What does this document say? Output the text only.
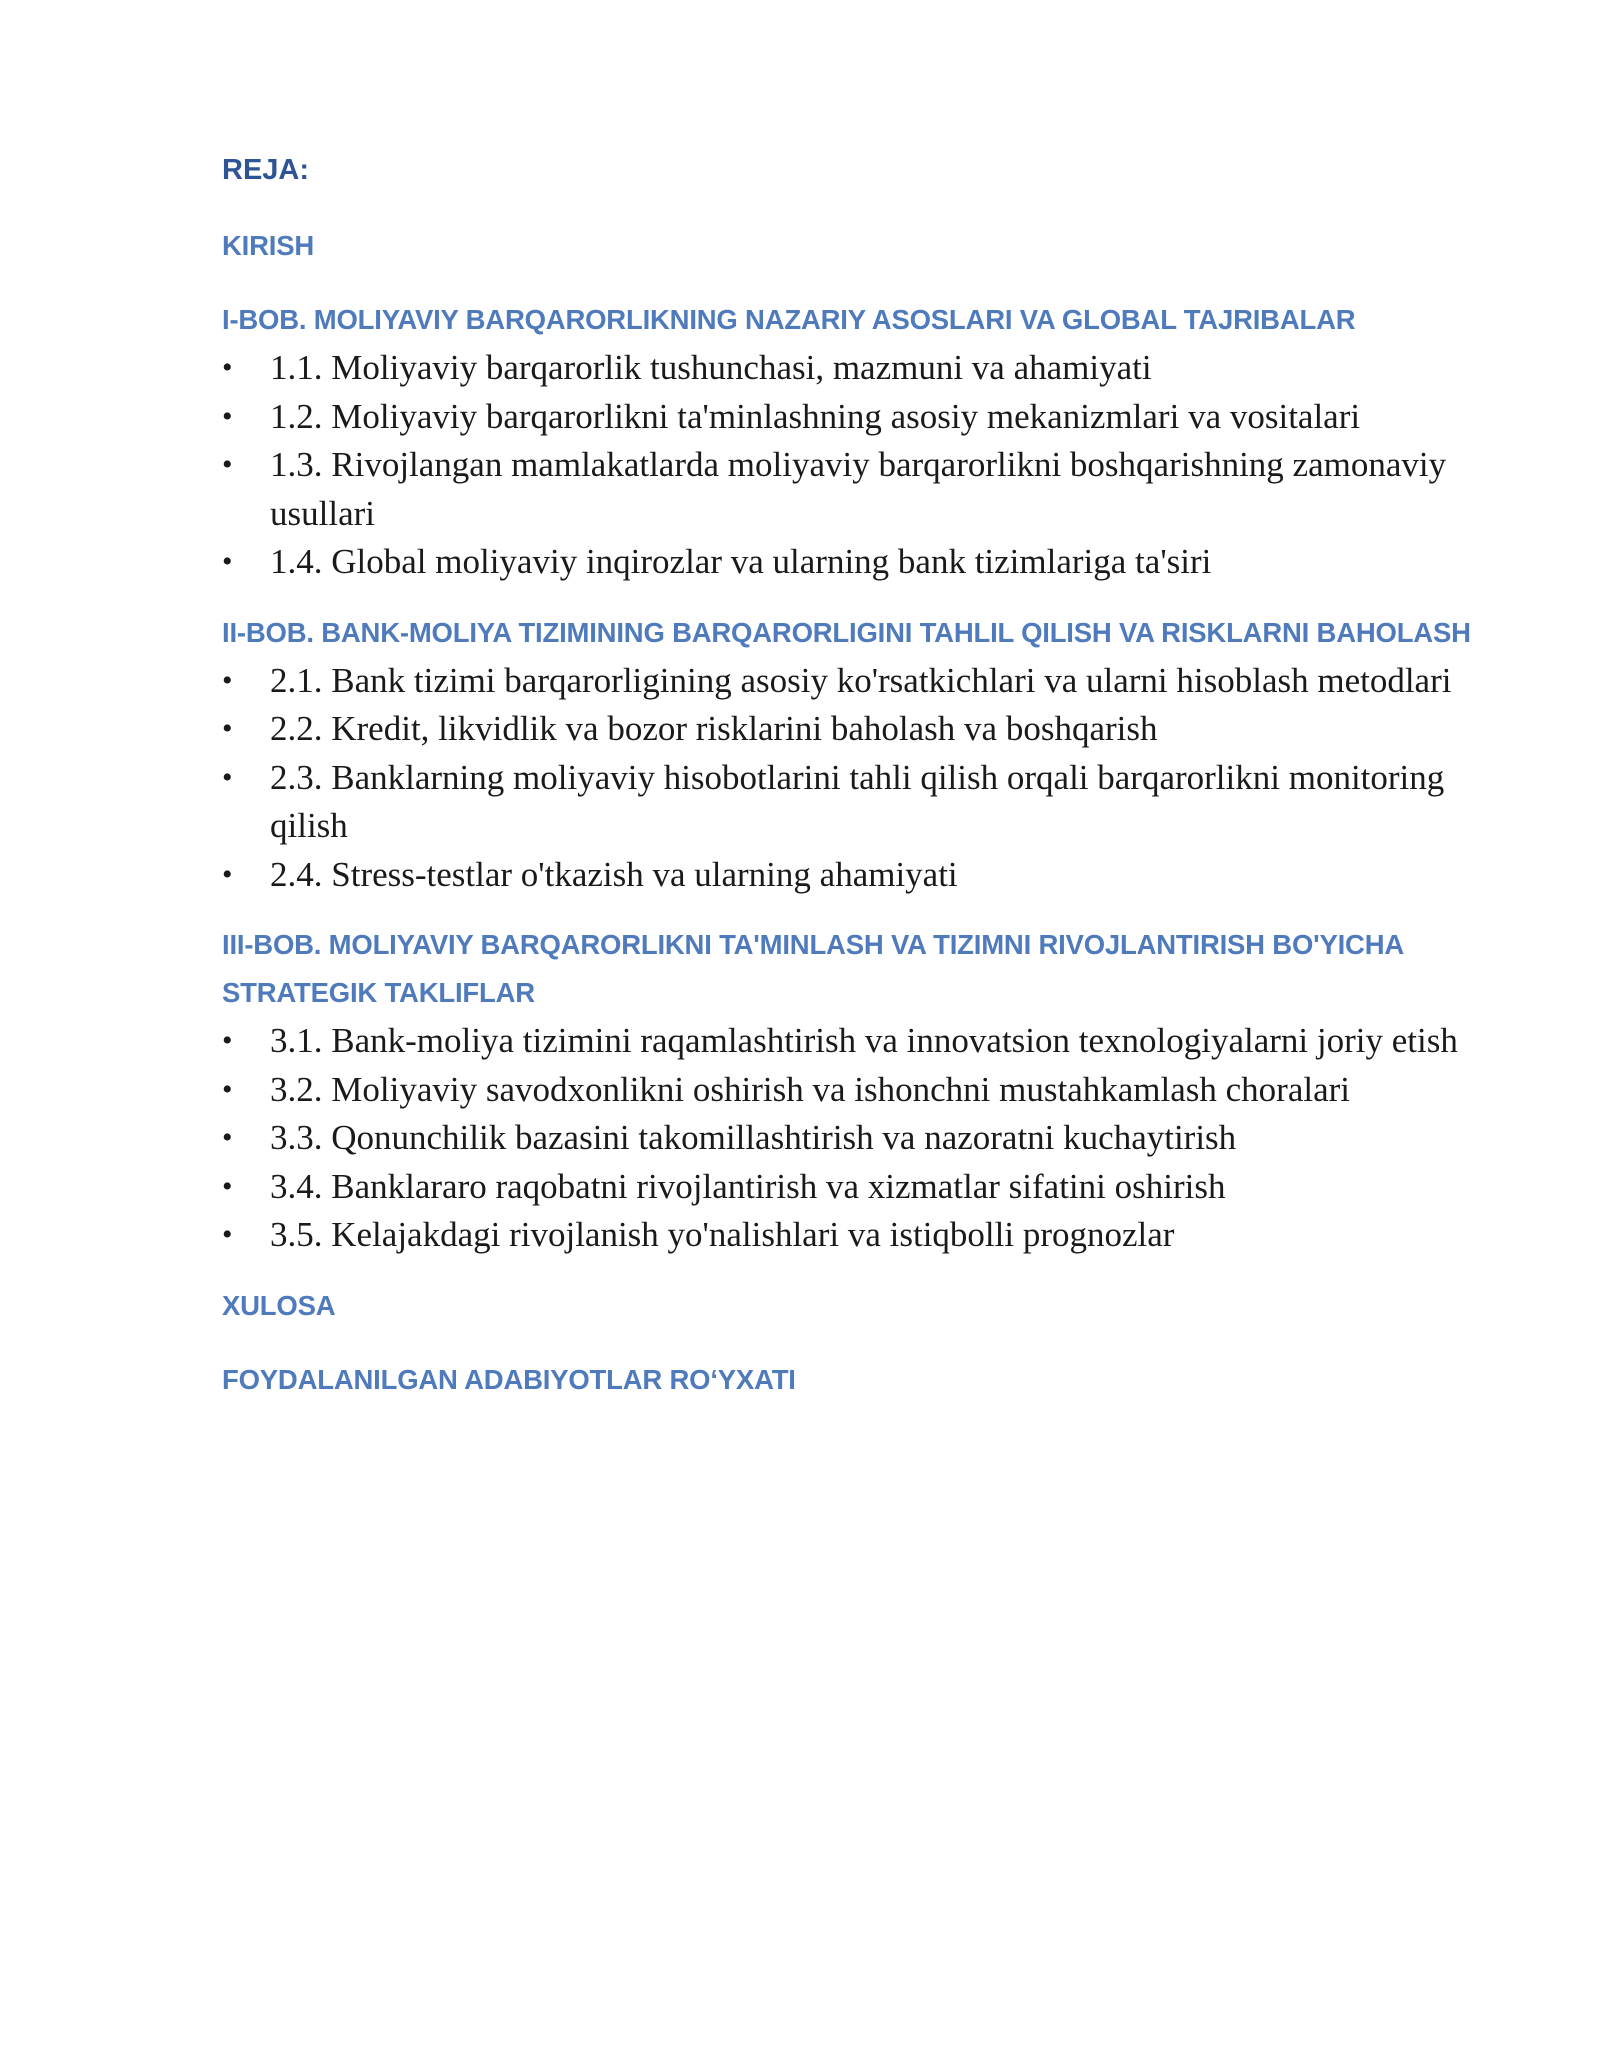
REJA:
KIRISH
I-BOB. MOLIYAVIY BARQARORLIKNING NAZARIY ASOSLARI VA GLOBAL TAJRIBALAR
• 1.1. Moliyaviy barqarorlik tushunchasi, mazmuni va ahamiyati
• 1.2. Moliyaviy barqarorlikni ta'minlashning asosiy mekanizmlari va vositalari
• 1.3. Rivojlangan mamlakatlarda moliyaviy barqarorlikni boshqarishning zamonaviy usullari
• 1.4. Global moliyaviy inqirozlar va ularning bank tizimlariga ta'siri
II-BOB. BANK-MOLIYA TIZIMINING BARQARORLIGINI TAHLIL QILISH VA RISKLARNI BAHOLASH
• 2.1. Bank tizimi barqarorligining asosiy ko'rsatkichlari va ularni hisoblash metodlari
• 2.2. Kredit, likvidlik va bozor risklarini baholash va boshqarish
• 2.3. Banklarning moliyaviy hisobotlarini tahli qilish orqali barqarorlikni monitoring qilish
• 2.4. Stress-testlar o'tkazish va ularning ahamiyati
III-BOB. MOLIYAVIY BARQARORLIKNI TA'MINLASH VA TIZIMNI RIVOJLANTIRISH BO'YICHA STRATEGIK TAKLIFLAR
• 3.1. Bank-moliya tizimini raqamlashtirish va innovatsion texnologiyalarni joriy etish
• 3.2. Moliyaviy savodxonlikni oshirish va ishonchni mustahkamlash choralari
• 3.3. Qonunchilik bazasini takomillashtirish va nazoratni kuchaytirish
• 3.4. Banklararo raqobatni rivojlantirish va xizmatlar sifatini oshirish
• 3.5. Kelajakdagi rivojlanish yo'nalishlari va istiqbolli prognozlar
XULOSA
FOYDALANILGAN ADABIYOTLAR RO‘YXATI
